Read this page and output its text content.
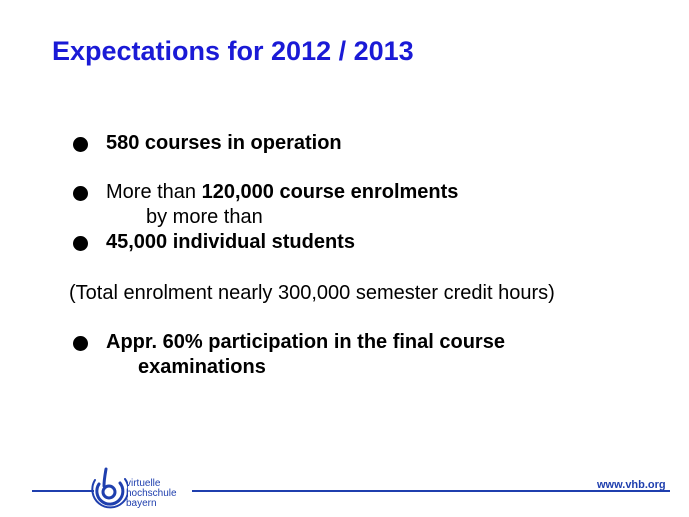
Expectations for 2012 / 2013
580 courses in operation
More than 120,000 course enrolments
by more than
45,000 individual students
(Total enrolment nearly 300,000 semester credit hours)
Appr. 60% participation in the final course
examinations
virtuelle
hochschule
bayern
www.vhb.org
